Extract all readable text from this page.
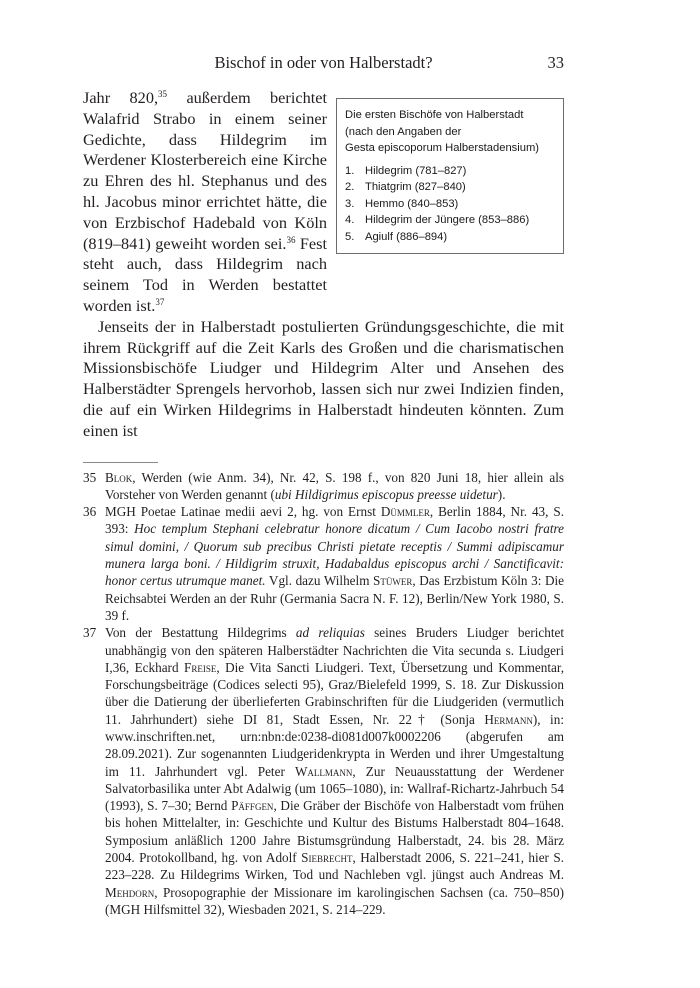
Bischof in oder von Halberstadt?	33

Jahr 820,35 außerdem berichtet Walafrid Strabo in einem seiner Gedichte, dass Hildegrim im Werdener Klosterbereich eine Kirche zu Ehren des hl. Stephanus und des hl. Jacobus minor errichtet hätte, die von Erzbischof Hadebald von Köln (819–841) geweiht worden sei.$^{36}$ Fest steht auch, dass Hildegrim nach seinem Tod in Werden bestattet worden ist.$^{37}$

Die ersten Bischöfe von Halberstadt
(nach den Angaben der
Gesta episcoporum Halberstadensium)

1. Hildegrim (781–827)
2. Thiatgrim (827–840)
3. Hemmo (840–853)
4. Hildegrim der Jüngere (853–886)
5. Agiulf (886–894)

Jenseits der in Halberstadt postulierten Gründungsgeschichte, die mit ihrem Rückgriff auf die Zeit Karls des Großen und die charismatischen Missionsbischöfe Liudger und Hildegrim Alter und Ansehen des Halberstädter Sprengels hervorhob, lassen sich nur zwei Indizien finden, die auf ein Wirken Hildegrims in Halberstadt hindeuten könnten. Zum einen ist

35 Blok, Werden (wie Anm. 34), Nr. 42, S. 198 f., von 820 Juni 18, hier allein als Vorsteher von Werden genannt (ubi Hildigrimus episcopus preesse uidetur).

36 MGH Poetae Latinae medii aevi 2, hg. von Ernst Dümmler, Berlin 1884, Nr. 43, S. 393: Hoc templum Stephani celebratur honore dicatum / Cum Iacobo nostri fratre simul domini, / Quorum sub precibus Christi pietate receptis / Summi adipiscamur munera larga boni. / Hildigrim struxit, Hadabaldus episcopus archi / Sanctificavit: honor certus utrumque manet. Vgl. dazu Wilhelm Stüwer, Das Erzbistum Köln 3: Die Reichsabtei Werden an der Ruhr (Germania Sacra N. F. 12), Berlin/New York 1980, S. 39 f.

37 Von der Bestattung Hildegrims ad reliquias seines Bruders Liudger berichtet unabhängig von den späteren Halberstädter Nachrichten die Vita secunda s. Liudgeri I,36, Eckhard Freise, Die Vita Sancti Liudgeri. Text, Übersetzung und Kommentar, Forschungsbeiträge (Codices selecti 95), Graz/Bielefeld 1999, S. 18. Zur Diskussion über die Datierung der überlieferten Grabinschriften für die Liudgeriden (vermutlich 11. Jahrhundert) siehe DI 81, Stadt Essen, Nr. 22† (Sonja Hermann), in: www.inschriften.net, urn:nbn:de:0238-di081d007k0002206 (abgerufen am 28.09.2021). Zur sogenannten Liudgeridenkrypta in Werden und ihrer Umgestaltung im 11. Jahrhundert vgl. Peter Wallmann, Zur Neuausstattung der Werdener Salvatorbasilika unter Abt Adalwig (um 1065–1080), in: Wallraf-Richartz-Jahrbuch 54 (1993), S. 7–30; Bernd Päffgen, Die Gräber der Bischöfe von Halberstadt vom frühen bis hohen Mittelalter, in: Geschichte und Kultur des Bistums Halberstadt 804–1648. Symposium anläßlich 1200 Jahre Bistumsgründung Halberstadt, 24. bis 28. März 2004. Protokollband, hg. von Adolf Siebrecht, Halberstadt 2006, S. 221–241, hier S. 223–228. Zu Hildegrims Wirken, Tod und Nachleben vgl. jüngst auch Andreas M. Mehdorn, Prosopographie der Missionare im karolingischen Sachsen (ca. 750–850) (MGH Hilfsmittel 32), Wiesbaden 2021, S. 214–229.
